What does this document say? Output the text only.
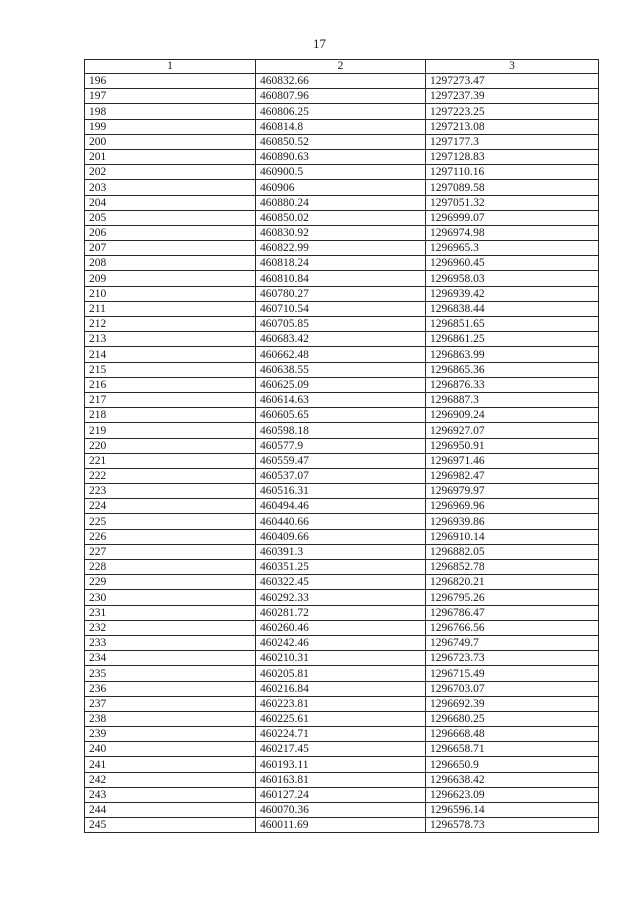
17
1	2	3
196	460832.66	1297273.47
197	460807.96	1297237.39
198	460806.25	1297223.25
199	460814.8	1297213.08
200	460850.52	1297177.3
201	460890.63	1297128.83
202	460900.5	1297110.16
203	460906	1297089.58
204	460880.24	1297051.32
205	460850.02	1296999.07
206	460830.92	1296974.98
207	460822.99	1296965.3
208	460818.24	1296960.45
209	460810.84	1296958.03
210	460780.27	1296939.42
211	460710.54	1296838.44
212	460705.85	1296851.65
213	460683.42	1296861.25
214	460662.48	1296863.99
215	460638.55	1296865.36
216	460625.09	1296876.33
217	460614.63	1296887.3
218	460605.65	1296909.24
219	460598.18	1296927.07
220	460577.9	1296950.91
221	460559.47	1296971.46
222	460537.07	1296982.47
223	460516.31	1296979.97
224	460494.46	1296969.96
225	460440.66	1296939.86
226	460409.66	1296910.14
227	460391.3	1296882.05
228	460351.25	1296852.78
229	460322.45	1296820.21
230	460292.33	1296795.26
231	460281.72	1296786.47
232	460260.46	1296766.56
233	460242.46	1296749.7
234	460210.31	1296723.73
235	460205.81	1296715.49
236	460216.84	1296703.07
237	460223.81	1296692.39
238	460225.61	1296680.25
239	460224.71	1296668.48
240	460217.45	1296658.71
241	460193.11	1296650.9
242	460163.81	1296638.42
243	460127.24	1296623.09
244	460070.36	1296596.14
245	460011.69	1296578.73
